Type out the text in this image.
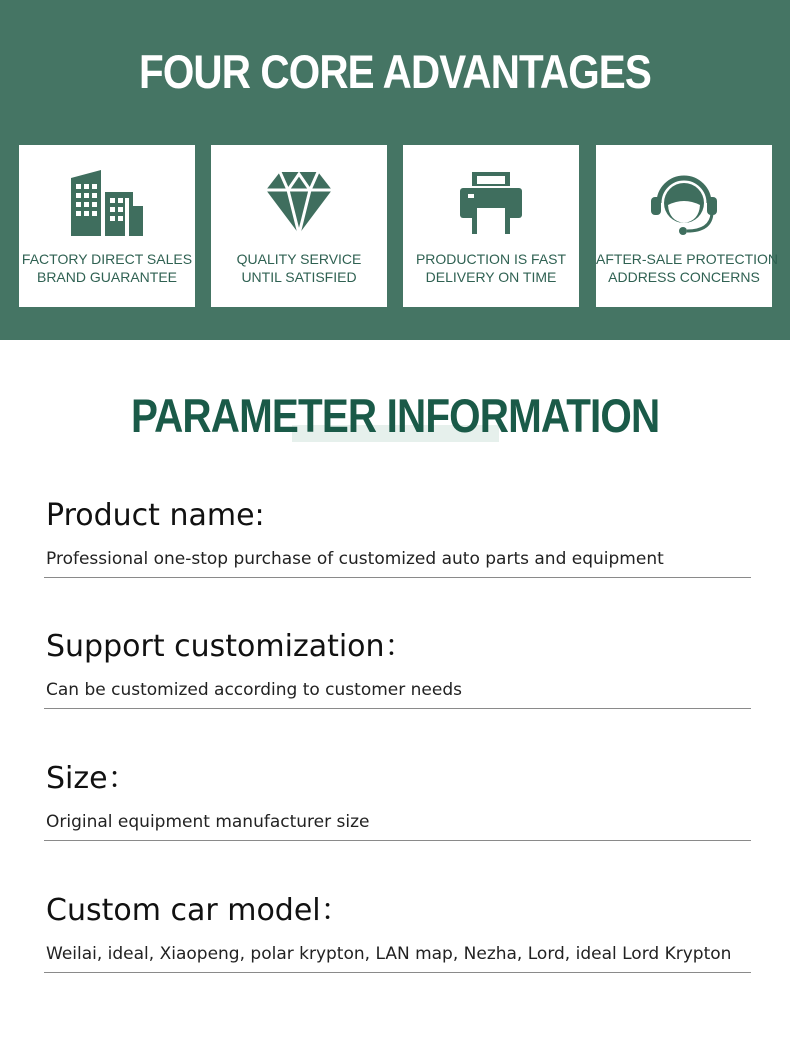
FOUR CORE ADVANTAGES
FACTORY DIRECT SALES
BRAND GUARANTEE
QUALITY SERVICE
UNTIL SATISFIED
PRODUCTION IS FAST
DELIVERY ON TIME
AFTER-SALE PROTECTION
ADDRESS CONCERNS
PARAMETER INFORMATION
Product name:
Professional one-stop purchase of customized auto parts and equipment
Support customization：
Can be customized according to customer needs
Size：
Original equipment manufacturer size
Custom car model：
Weilai, ideal, Xiaopeng, polar krypton, LAN map, Nezha, Lord, ideal Lord Krypton
